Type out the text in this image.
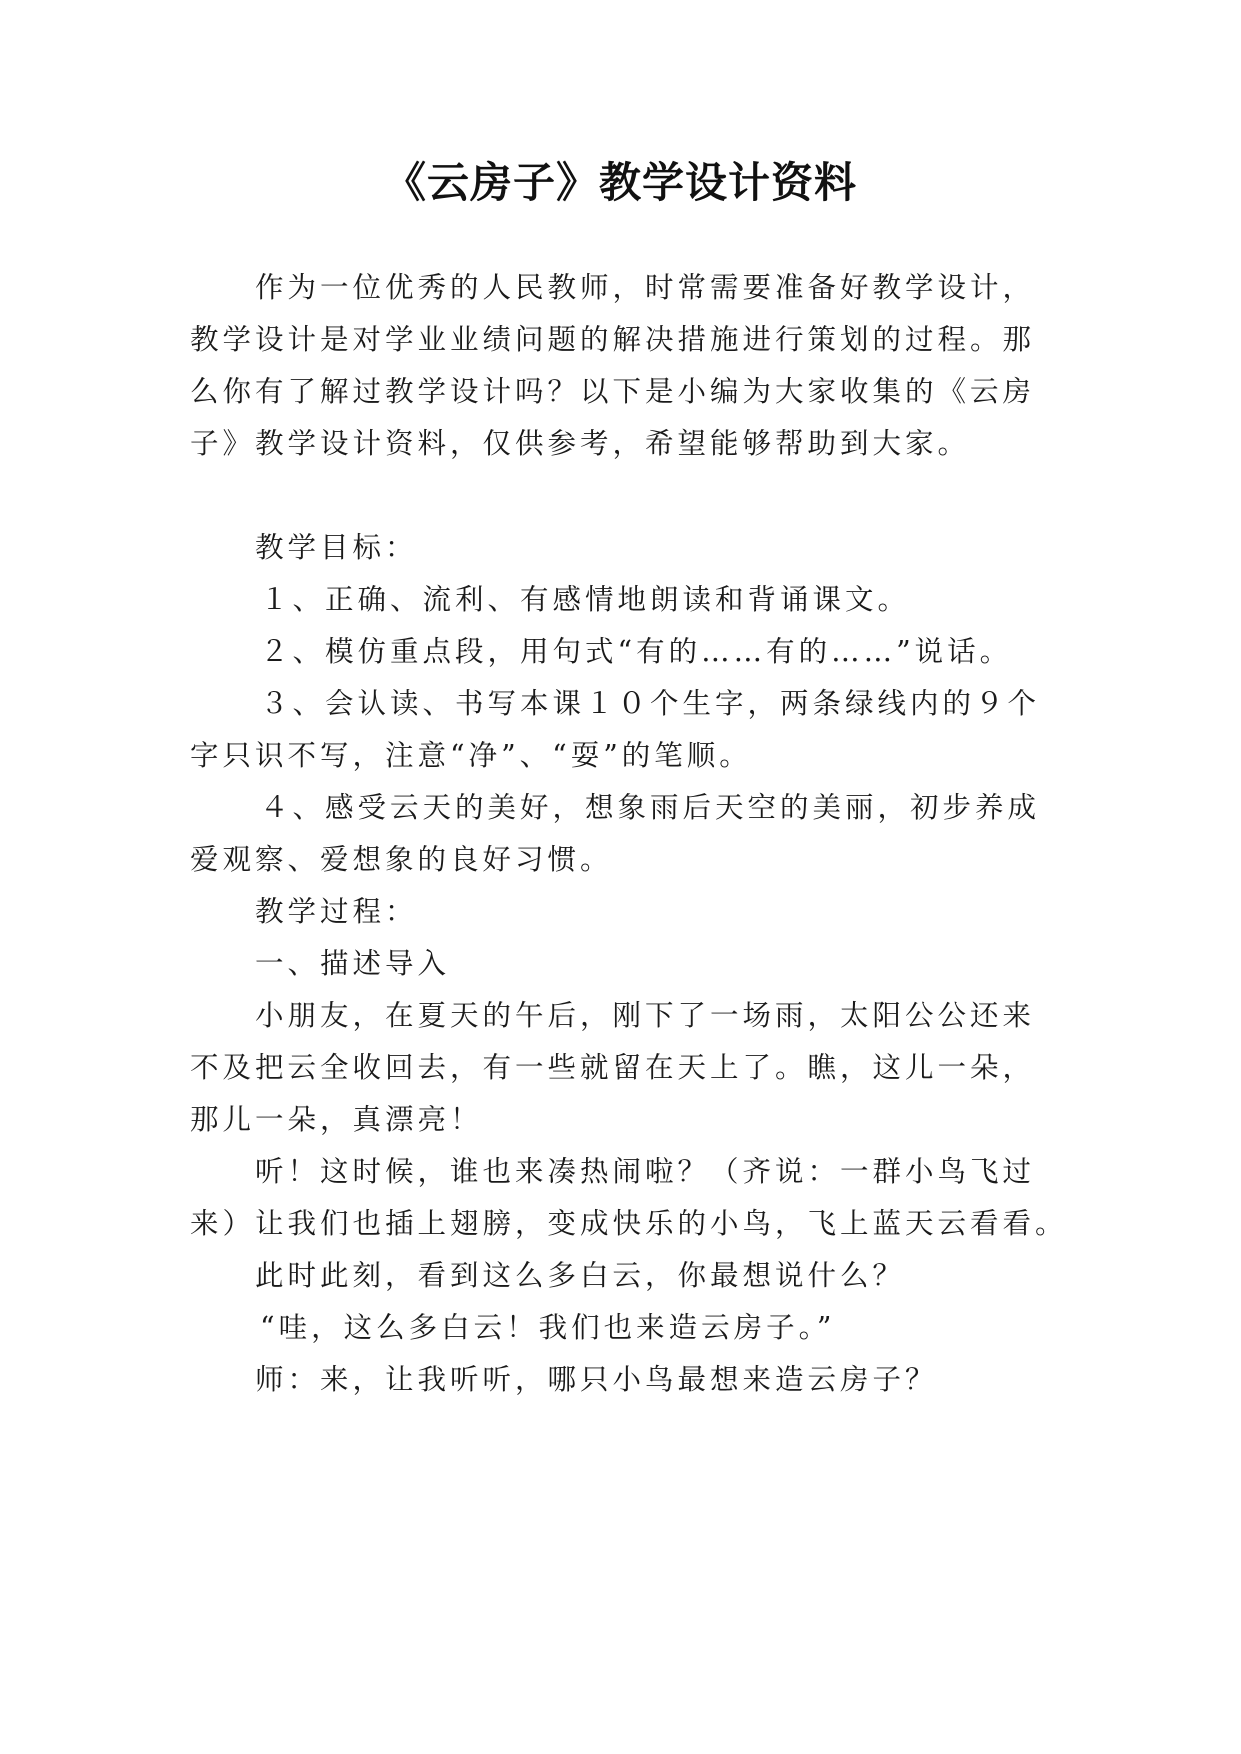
《云房子》教学设计资料
作为一位优秀的人民教师，时常需要准备好教学设计，
教学设计是对学业业绩问题的解决措施进行策划的过程。那
么你有了解过教学设计吗？以下是小编为大家收集的《云房
子》教学设计资料，仅供参考，希望能够帮助到大家。
教学目标：
１、正确、流利、有感情地朗读和背诵课文。
２、模仿重点段，用句式“有的……有的……”说话。
３、会认读、书写本课１０个生字，两条绿线内的９个
字只识不写，注意“净”、“耍”的笔顺。
４、感受云天的美好，想象雨后天空的美丽，初步养成
爱观察、爱想象的良好习惯。
教学过程：
一、描述导入
小朋友，在夏天的午后，刚下了一场雨，太阳公公还来
不及把云全收回去，有一些就留在天上了。瞧，这儿一朵，
那儿一朵，真漂亮！
听！这时候，谁也来凑热闹啦？（齐说：一群小鸟飞过
来）让我们也插上翅膀，变成快乐的小鸟，飞上蓝天云看看。
此时此刻，看到这么多白云，你最想说什么？
“哇，这么多白云！我们也来造云房子。”
师：来，让我听听，哪只小鸟最想来造云房子？
